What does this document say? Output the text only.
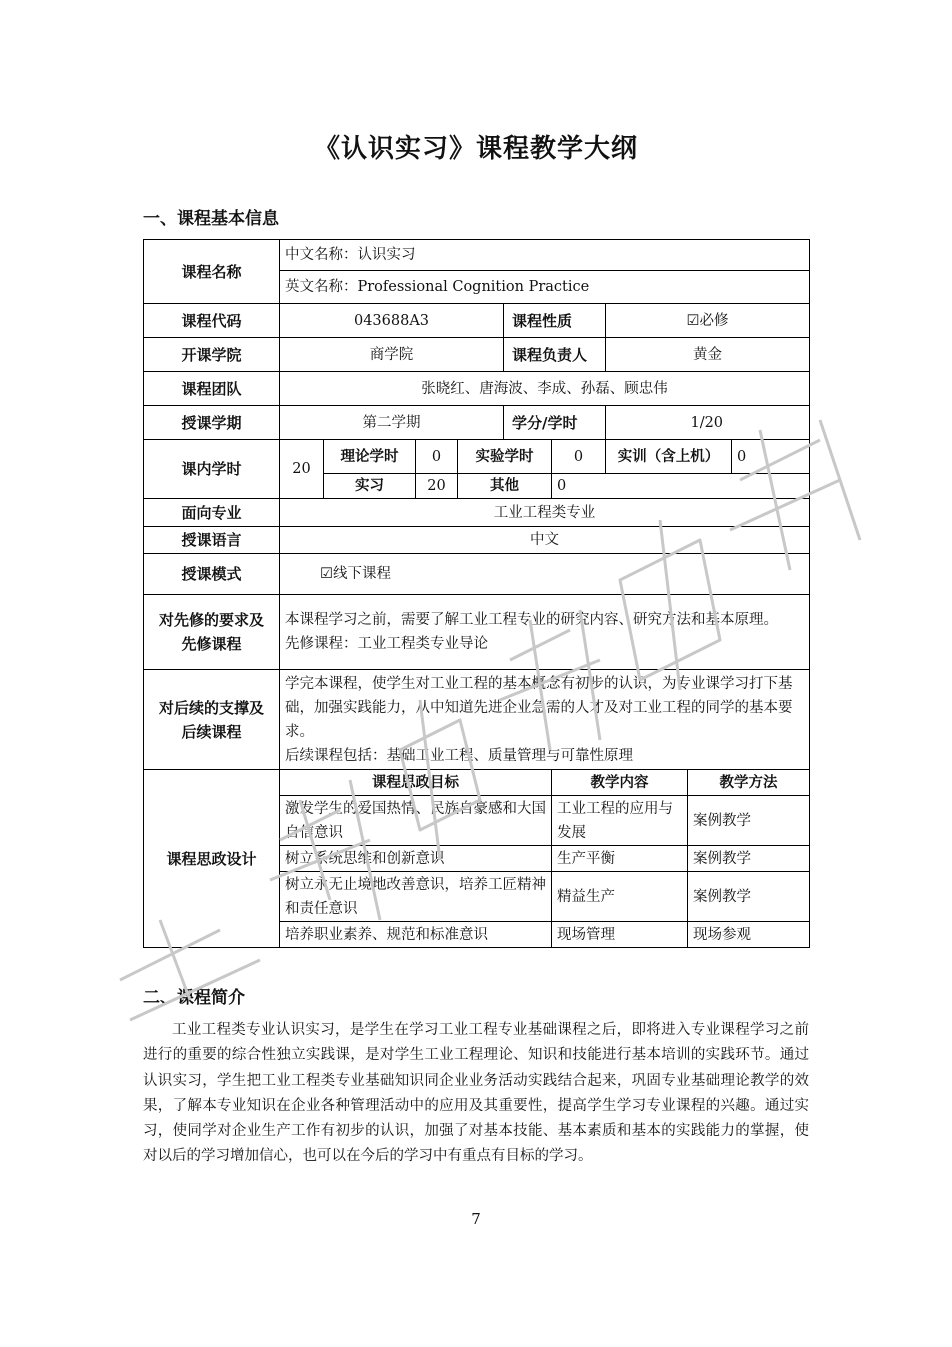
《认识实习》课程教学大纲
一、课程基本信息
课程名称	中文名称：认识实习								
	英文名称：Professional Cognition Practice								
课程代码	043688A3				课程性质		☑必修		
开课学院	商学院				课程负责人		黄金		
课程团队	张晓红、唐海波、李成、孙磊、顾忠伟								
授课学期	第二学期				学分/学时		1/20		
课内学时	20	理论学时	0	实验学时		0	实训（含上机）		0
		实习	20	其他		0			
面向专业	工业工程类专业								
授课语言	中文								
授课模式	☑线下课程								
对先修的要求及先修课程	本课程学习之前，需要了解工业工程专业的研究内容、研究方法和基本原理。
先修课程：工业工程类专业导论								

对后续的支撑及后续课程	学完本课程，使学生对工业工程的基本概念有初步的认识，为专业课学习打下基础，加强实践能力，从中知道先进企业急需的人才及对工业工程的同学的基本要求。
后续课程包括：基础工业工程、质量管理与可靠性原理								

课程思政设计	课程思政目标					教学内容		教学方法	
	激发学生的爱国热情、民族自豪感和大国自信意识					工业工程的应用与发展		案例教学	
	树立系统思维和创新意识					生产平衡		案例教学	
	树立永无止境地改善意识，培养工匠精神和责任意识					精益生产		案例教学	
	培养职业素养、规范和标准意识					现场管理		现场参观	
二、课程简介
工业工程类专业认识实习，是学生在学习工业工程专业基础课程之后，即将进入专业课程学习之前进行的重要的综合性独立实践课，是对学生工业工程理论、知识和技能进行基本培训的实践环节。通过认识实习，学生把工业工程类专业基础知识同企业业务活动实践结合起来，巩固专业基础理论教学的效果，了解本专业知识在企业各种管理活动中的应用及其重要性，提高学生学习专业课程的兴趣。通过实习，使同学对企业生产工作有初步的认识，加强了对基本技能、基本素质和基本的实践能力的掌握，使对以后的学习增加信心，也可以在今后的学习中有重点有目标的学习。
7
